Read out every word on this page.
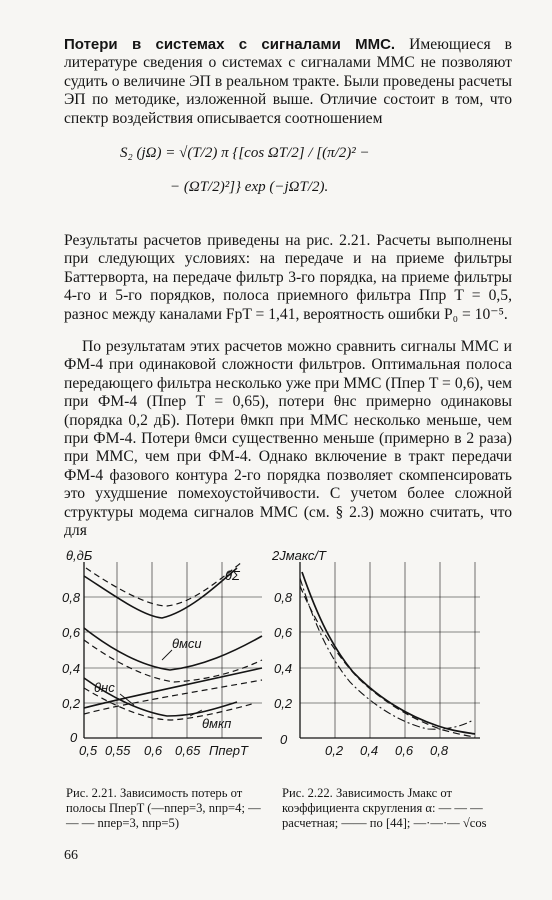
Потери в системах с сигналами ММС. Имеющиеся в литературе сведения о системах с сигналами ММС не позволяют судить о величине ЭП в реальном тракте. Были проведены расчеты ЭП по методике, изложенной выше. Отличие состоит в том, что спектр воздействия описывается соотношением

S₂ (jΩ) = √(T/2) π {[cos ΩT/2] / [(π/2)² −
− (ΩT/2)²]} exp (−jΩT/2).

Результаты расчетов приведены на рис. 2.21. Расчеты выполнены при следующих условиях: на передаче и на приеме фильтры Баттерворта, на передаче фильтр 3-го порядка, на приеме фильтры 4-го и 5-го порядков, полоса приемного фильтра Ппр T = 0,5, разнос между каналами FрT = 1,41, вероятность ошибки P₀ = 10⁻⁵.

По результатам этих расчетов можно сравнить сигналы ММС и ФМ-4 при одинаковой сложности фильтров. Оптимальная полоса передающего фильтра несколько уже при ММС (Ппер T = 0,6), чем при ФМ-4 (Ппер T = 0,65), потери θнс примерно одинаковы (порядка 0,2 дБ). Потери θмкп при ММС несколько меньше, чем при ФМ-4. Потери θмси существенно меньше (примерно в 2 раза) при ММС, чем при ФМ-4. Однако включение в тракт передачи ФМ-4 фазового контура 2-го порядка позволяет скомпенсировать это ухудшение помехоустойчивости. С учетом более сложной структуры модема сигналов ММС (см. § 2.3) можно считать, что для

θ,дБ
0,8
0,6
0,4
0,2
0
0,5 0,55 0,6 0,65 ПперT
θΣ
θмси
θнс
θмкп

Рис. 2.21. Зависимость потерь от полосы ПперT (—nпер=3, nпр=4; — — — nпер=3, nпр=5)

2Jмакс/T
0,8
0,6
0,4
0,2
0
0,2 0,4 0,6 0,8

Рис. 2.22. Зависимость Jмакс от коэффициента скругления α: — — — расчетная; —— по [44]; —·—·— √cos

66
